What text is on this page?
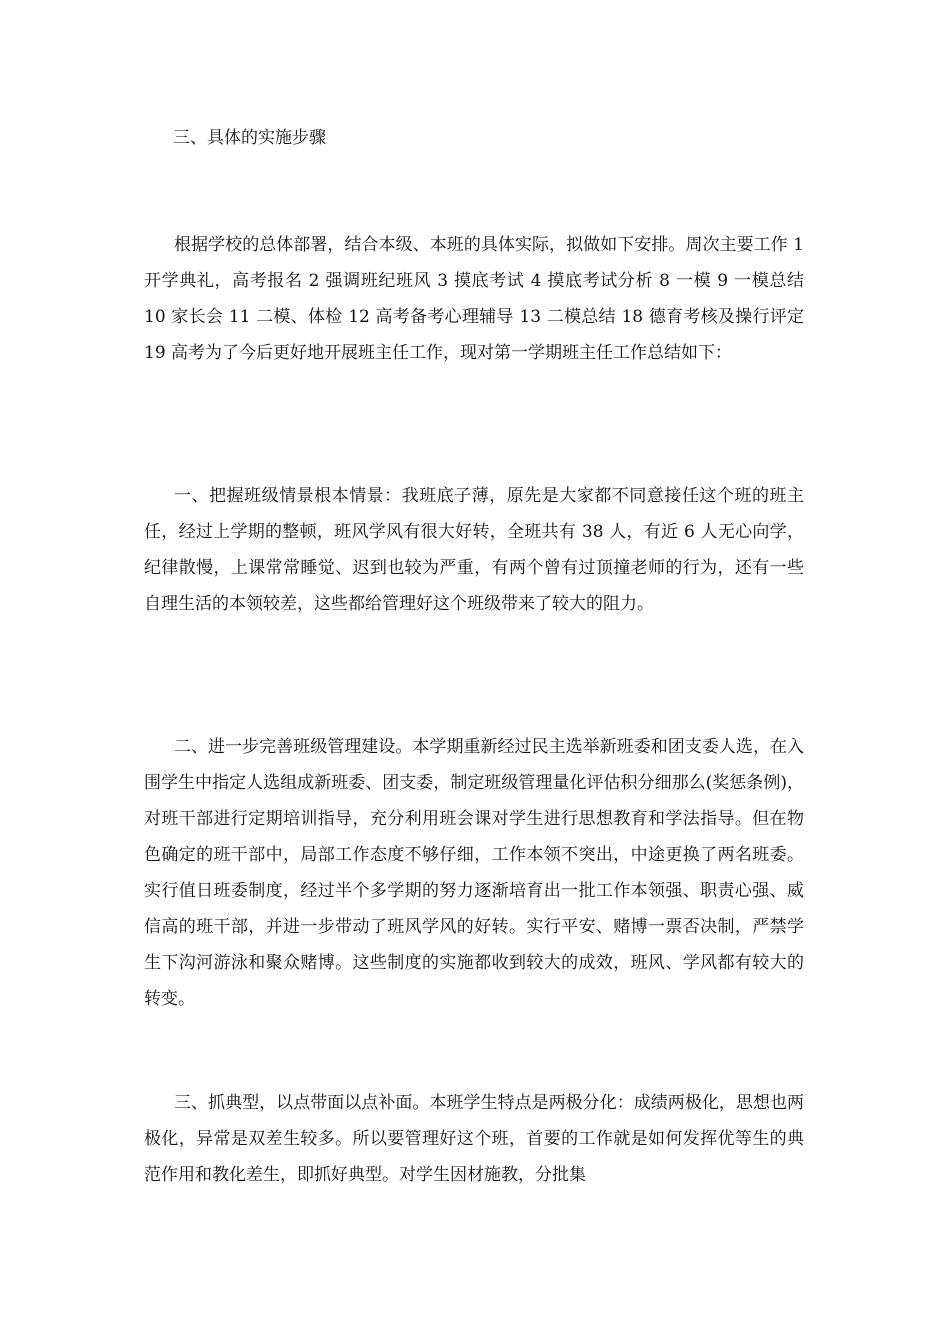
三、具体的实施步骤

根据学校的总体部署，结合本级、本班的具体实际，拟做如下安排。周次主要工作 1 开学典礼，高考报名 2 强调班纪班风 3 摸底考试 4 摸底考试分析 8 一模 9 一模总结 10 家长会 11 二模、体检 12 高考备考心理辅导 13 二模总结 18 德育考核及操行评定 19 高考为了今后更好地开展班主任工作，现对第一学期班主任工作总结如下：

一、把握班级情景根本情景：我班底子薄，原先是大家都不同意接任这个班的班主任，经过上学期的整顿，班风学风有很大好转，全班共有 38 人，有近 6 人无心向学，纪律散慢，上课常常睡觉、迟到也较为严重，有两个曾有过顶撞老师的行为，还有一些自理生活的本领较差，这些都给管理好这个班级带来了较大的阻力。

二、进一步完善班级管理建设。本学期重新经过民主选举新班委和团支委人选，在入围学生中指定人选组成新班委、团支委，制定班级管理量化评估积分细那么(奖惩条例)，对班干部进行定期培训指导，充分利用班会课对学生进行思想教育和学法指导。但在物色确定的班干部中，局部工作态度不够仔细，工作本领不突出，中途更换了两名班委。实行值日班委制度，经过半个多学期的努力逐渐培育出一批工作本领强、职责心强、威信高的班干部，并进一步带动了班风学风的好转。实行平安、赌博一票否决制，严禁学生下沟河游泳和聚众赌博。这些制度的实施都收到较大的成效，班风、学风都有较大的转变。

三、抓典型，以点带面以点补面。本班学生特点是两极分化：成绩两极化，思想也两极化，异常是双差生较多。所以要管理好这个班，首要的工作就是如何发挥优等生的典范作用和教化差生，即抓好典型。对学生因材施教，分批集
